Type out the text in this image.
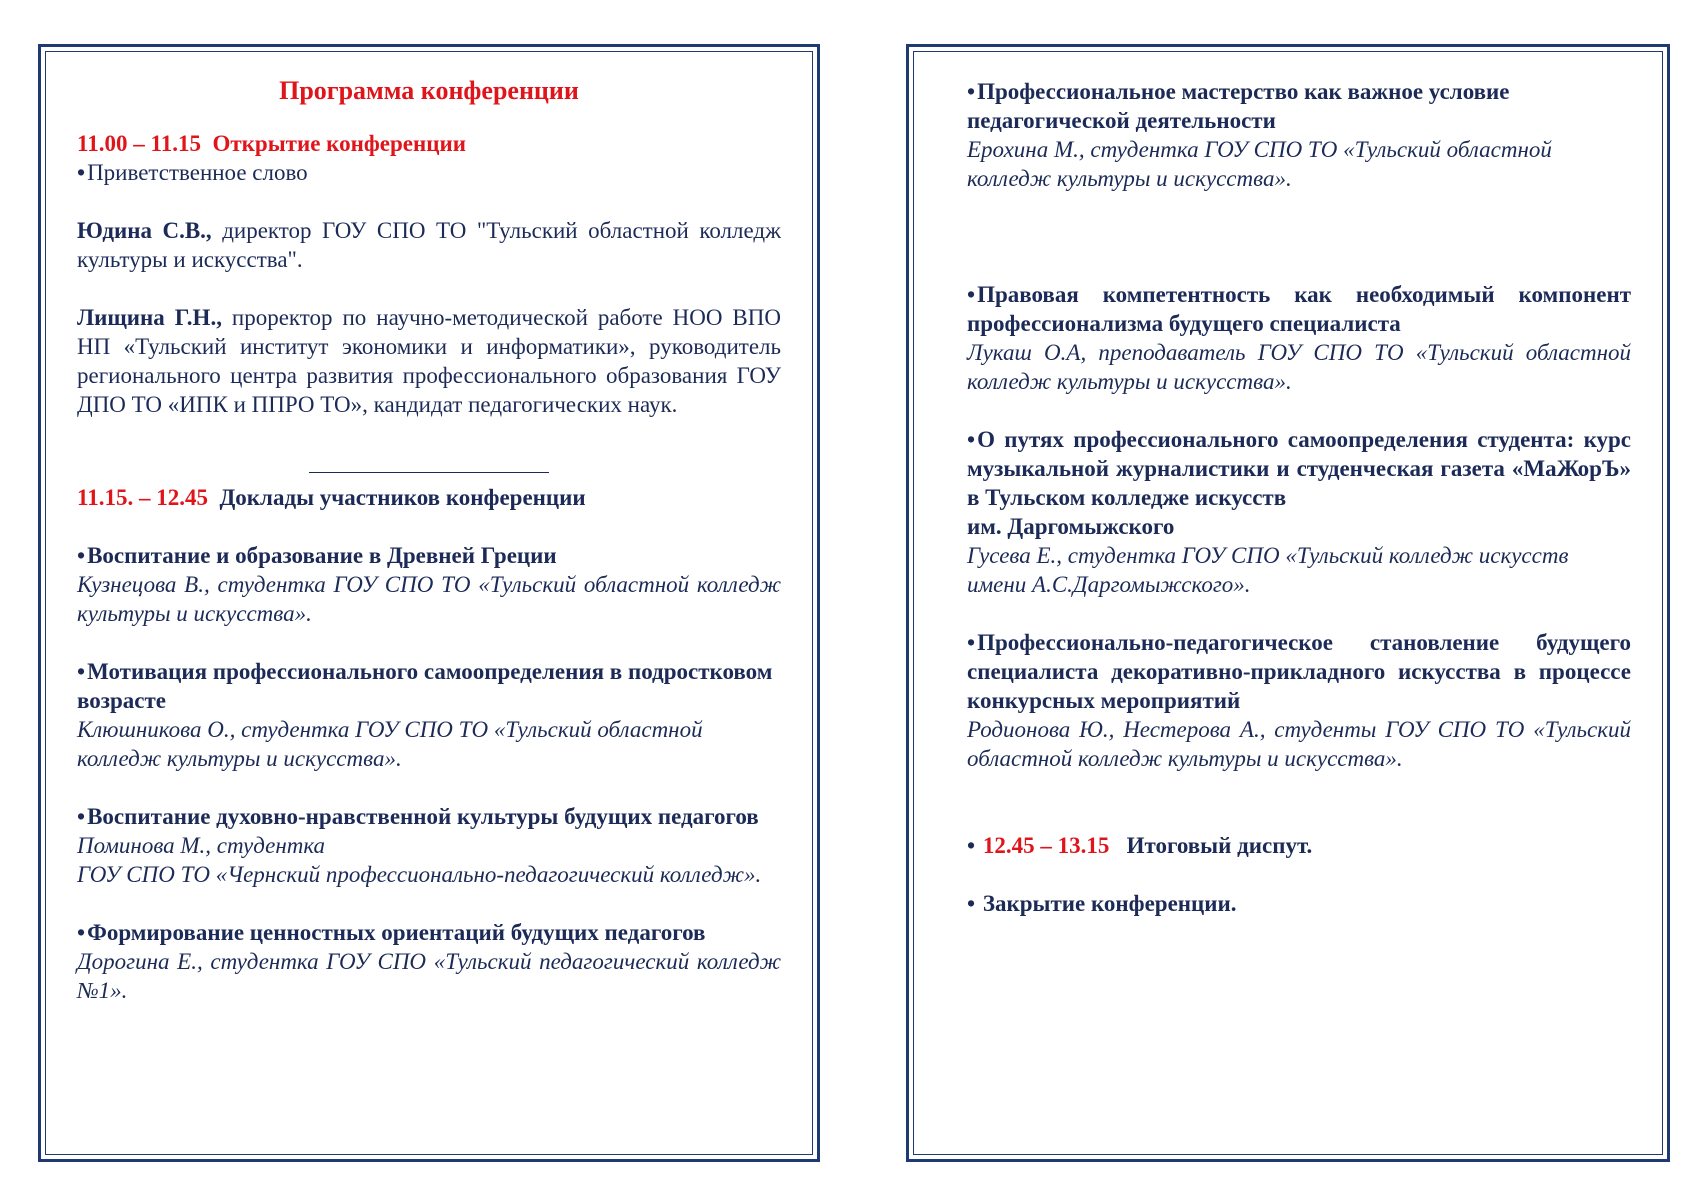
Программа конференции

11.00 – 11.15 Открытие конференции

• Приветственное слово

Юдина С.В., директор ГОУ СПО ТО "Тульский областной колледж культуры и искусства".

Лищина Г.Н., проректор по научно-методической работе НОО ВПО НП «Тульский институт экономики и информатики», руководитель регионального центра развития профессионального образования ГОУ ДПО ТО «ИПК и ППРО ТО», кандидат педагогических наук.

11.15. – 12.45 Доклады участников конференции

• Воспитание и образование в Древней Греции

Кузнецова В., студентка ГОУ СПО ТО «Тульский областной колледж культуры и искусства».

• Мотивация профессионального самоопределения в подростковом возрасте

Клюшникова О., студентка ГОУ СПО ТО «Тульский областной колледж культуры и искусства».

• Воспитание духовно-нравственной культуры будущих педагогов

Поминова М., студентка
ГОУ СПО ТО «Чернский профессионально-педагогический колледж».

• Формирование ценностных ориентаций будущих педагогов

Дорогина Е., студентка ГОУ СПО «Тульский педагогический колледж №1».

• Профессиональное мастерство как важное условие педагогической деятельности

Ерохина М., студентка ГОУ СПО ТО «Тульский областной колледж культуры и искусства».

• Правовая компетентность как необходимый компонент профессионализма будущего специалиста

Лукаш О.А, преподаватель ГОУ СПО ТО «Тульский областной колледж культуры и искусства».

• О путях профессионального самоопределения студента: курс музыкальной журналистики и студенческая газета «МаЖорЪ» в Тульском колледже искусств
им. Даргомыжского

Гусева Е., студентка ГОУ СПО «Тульский колледж искусств
имени А.С.Даргомыжского».

• Профессионально-педагогическое становление будущего специалиста декоративно-прикладного искусства в процессе конкурсных мероприятий

Родионова Ю., Нестерова А., студенты ГОУ СПО ТО «Тульский областной колледж культуры и искусства».

• 12.45 – 13.15 Итоговый диспут.

• Закрытие конференции.
